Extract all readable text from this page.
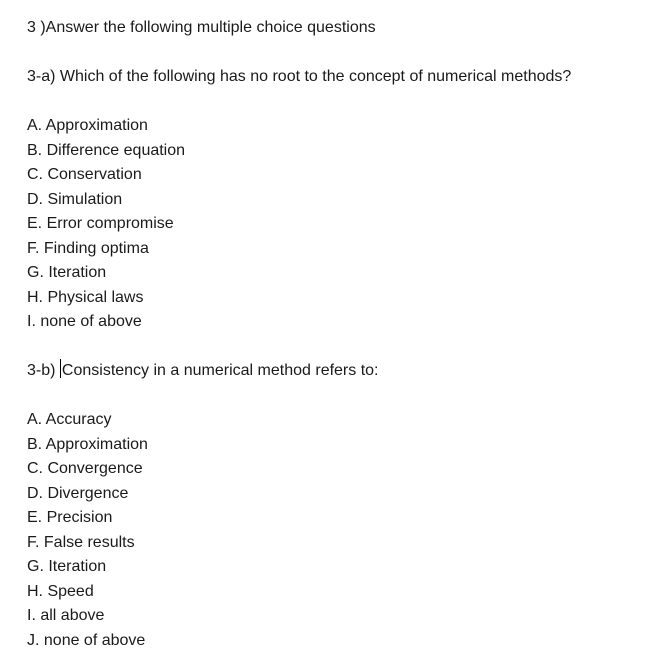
3 )Answer the following multiple choice questions
3-a) Which of the following has no root to the concept of numerical methods?
A. Approximation
B. Difference equation
C. Conservation
D. Simulation
E. Error compromise
F. Finding optima
G. Iteration
H. Physical laws
I. none of above
3-b) Consistency in a numerical method refers to:
A. Accuracy
B. Approximation
C. Convergence
D. Divergence
E. Precision
F. False results
G. Iteration
H. Speed
I. all above
J. none of above
